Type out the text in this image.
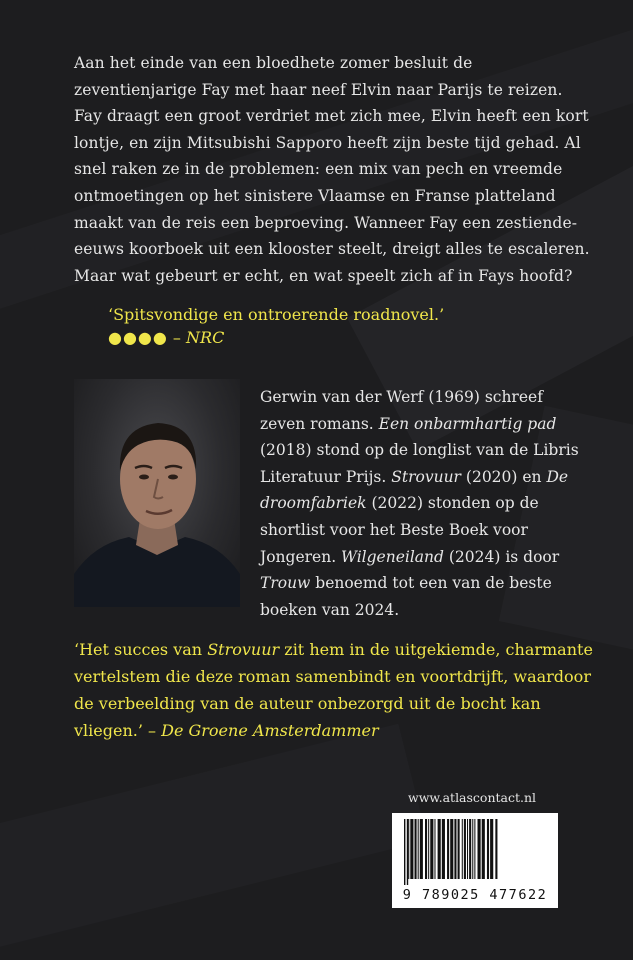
Aan het einde van een bloedhete zomer besluit de
zeventienjarige Fay met haar neef Elvin naar Parijs te reizen.
Fay draagt een groot verdriet met zich mee, Elvin heeft een kort
lontje, en zijn Mitsubishi Sapporo heeft zijn beste tijd gehad. Al
snel raken ze in de problemen: een mix van pech en vreemde
ontmoetingen op het sinistere Vlaamse en Franse platteland
maakt van de reis een beproeving. Wanneer Fay een zestiende-
eeuws koorboek uit een klooster steelt, dreigt alles te escaleren.
Maar wat gebeurt er echt, en wat speelt zich af in Fays hoofd?
‘Spitsvondige en ontroerende roadnovel.’
●●●● – NRC
Gerwin van der Werf (1969) schreef zeven romans. Een onbarmhartig pad (2018) stond op de longlist van de Libris Literatuur Prijs. Strovuur (2020) en De droomfabriek (2022) stonden op de shortlist voor het Beste Boek voor Jongeren. Wilgeneiland (2024) is door Trouw benoemd tot een van de beste boeken van 2024.
‘Het succes van Strovuur zit hem in de uitgekiemde, charmante vertelstem die deze roman samenbindt en voortdrijft, waardoor de verbeelding van de auteur onbezorgd uit de bocht kan vliegen.’ – De Groene Amsterdammer
www.atlascontact.nl
9 789025 477622
